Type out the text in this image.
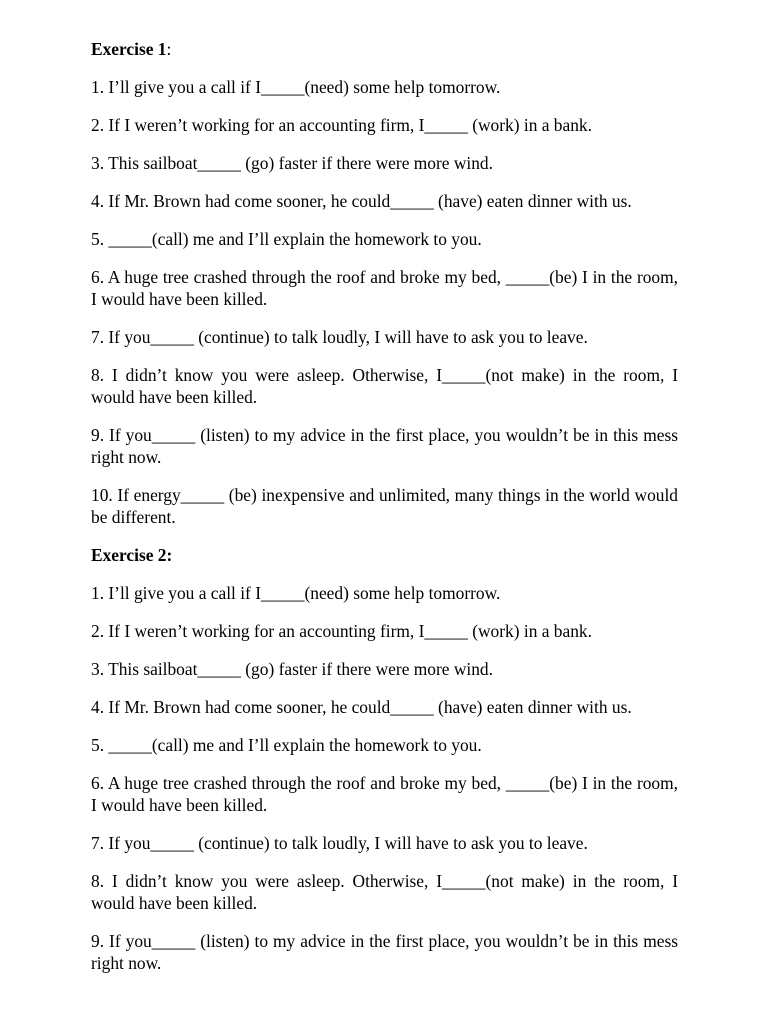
Exercise 1:
1. I’ll give you a call if I_____(need) some help tomorrow.
2. If I weren’t working for an accounting firm, I_____ (work) in a bank.
3. This sailboat_____ (go) faster if there were more wind.
4. If Mr. Brown had come sooner, he could_____ (have) eaten dinner with us.
5. _____(call) me and I’ll explain the homework to you.
6. A huge tree crashed through the roof and broke my bed, _____(be) I in the room, I would have been killed.
7. If you_____ (continue) to talk loudly, I will have to ask you to leave.
8. I didn’t know you were asleep. Otherwise, I_____(not make) in the room, I would have been killed.
9. If you_____ (listen) to my advice in the first place, you wouldn’t be in this mess right now.
10. If energy_____ (be) inexpensive and unlimited, many things in the world would be different.
Exercise 2:
1. I’ll give you a call if I_____(need) some help tomorrow.
2. If I weren’t working for an accounting firm, I_____ (work) in a bank.
3. This sailboat_____ (go) faster if there were more wind.
4. If Mr. Brown had come sooner, he could_____ (have) eaten dinner with us.
5. _____(call) me and I’ll explain the homework to you.
6. A huge tree crashed through the roof and broke my bed, _____(be) I in the room, I would have been killed.
7. If you_____ (continue) to talk loudly, I will have to ask you to leave.
8. I didn’t know you were asleep. Otherwise, I_____(not make) in the room, I would have been killed.
9. If you_____ (listen) to my advice in the first place, you wouldn’t be in this mess right now.
